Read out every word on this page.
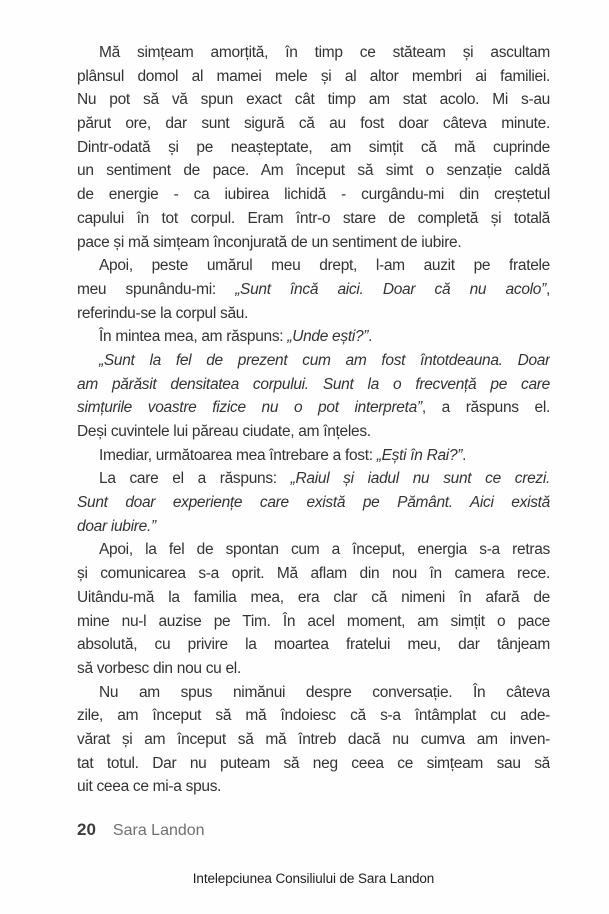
Mă simțeam amorțită, în timp ce stăteam și ascultam
plânsul domol al mamei mele și al altor membri ai familiei.
Nu pot să vă spun exact cât timp am stat acolo. Mi s-au
părut ore, dar sunt sigură că au fost doar câteva minute.
Dintr-odată și pe neașteptate, am simțit că mă cuprinde
un sentiment de pace. Am început să simt o senzație caldă
de energie - ca iubirea lichidă - curgându-mi din creștetul
capului în tot corpul. Eram într-o stare de completă și totală
pace și mă simțeam înconjurată de un sentiment de iubire.
Apoi, peste umărul meu drept, l-am auzit pe fratele
meu spunându-mi: „Sunt încă aici. Doar că nu acolo”,
referindu-se la corpul său.
În mintea mea, am răspuns: „Unde ești?”.
„Sunt la fel de prezent cum am fost întotdeauna. Doar
am părăsit densitatea corpului. Sunt la o frecvență pe care
simțurile voastre fizice nu o pot interpreta”, a răspuns el.
Deși cuvintele lui păreau ciudate, am înțeles.
Imediar, următoarea mea întrebare a fost: „Ești în Rai?”.
La care el a răspuns: „Raiul și iadul nu sunt ce crezi.
Sunt doar experiențe care există pe Pământ. Aici există
doar iubire.”
Apoi, la fel de spontan cum a început, energia s-a retras
și comunicarea s-a oprit. Mă aflam din nou în camera rece.
Uitându-mă la familia mea, era clar că nimeni în afară de
mine nu-l auzise pe Tim. În acel moment, am simțit o pace
absolută, cu privire la moartea fratelui meu, dar tânjeam
să vorbesc din nou cu el.
Nu am spus nimănui despre conversație. În câteva
zile, am început să mă îndoiesc că s-a întâmplat cu ade-
vărat și am început să mă întreb dacă nu cumva am inven-
tat totul. Dar nu puteam să neg ceea ce simțeam sau să
uit ceea ce mi-a spus.
20 Sara Landon
Intelepciunea Consiliului de Sara Landon
